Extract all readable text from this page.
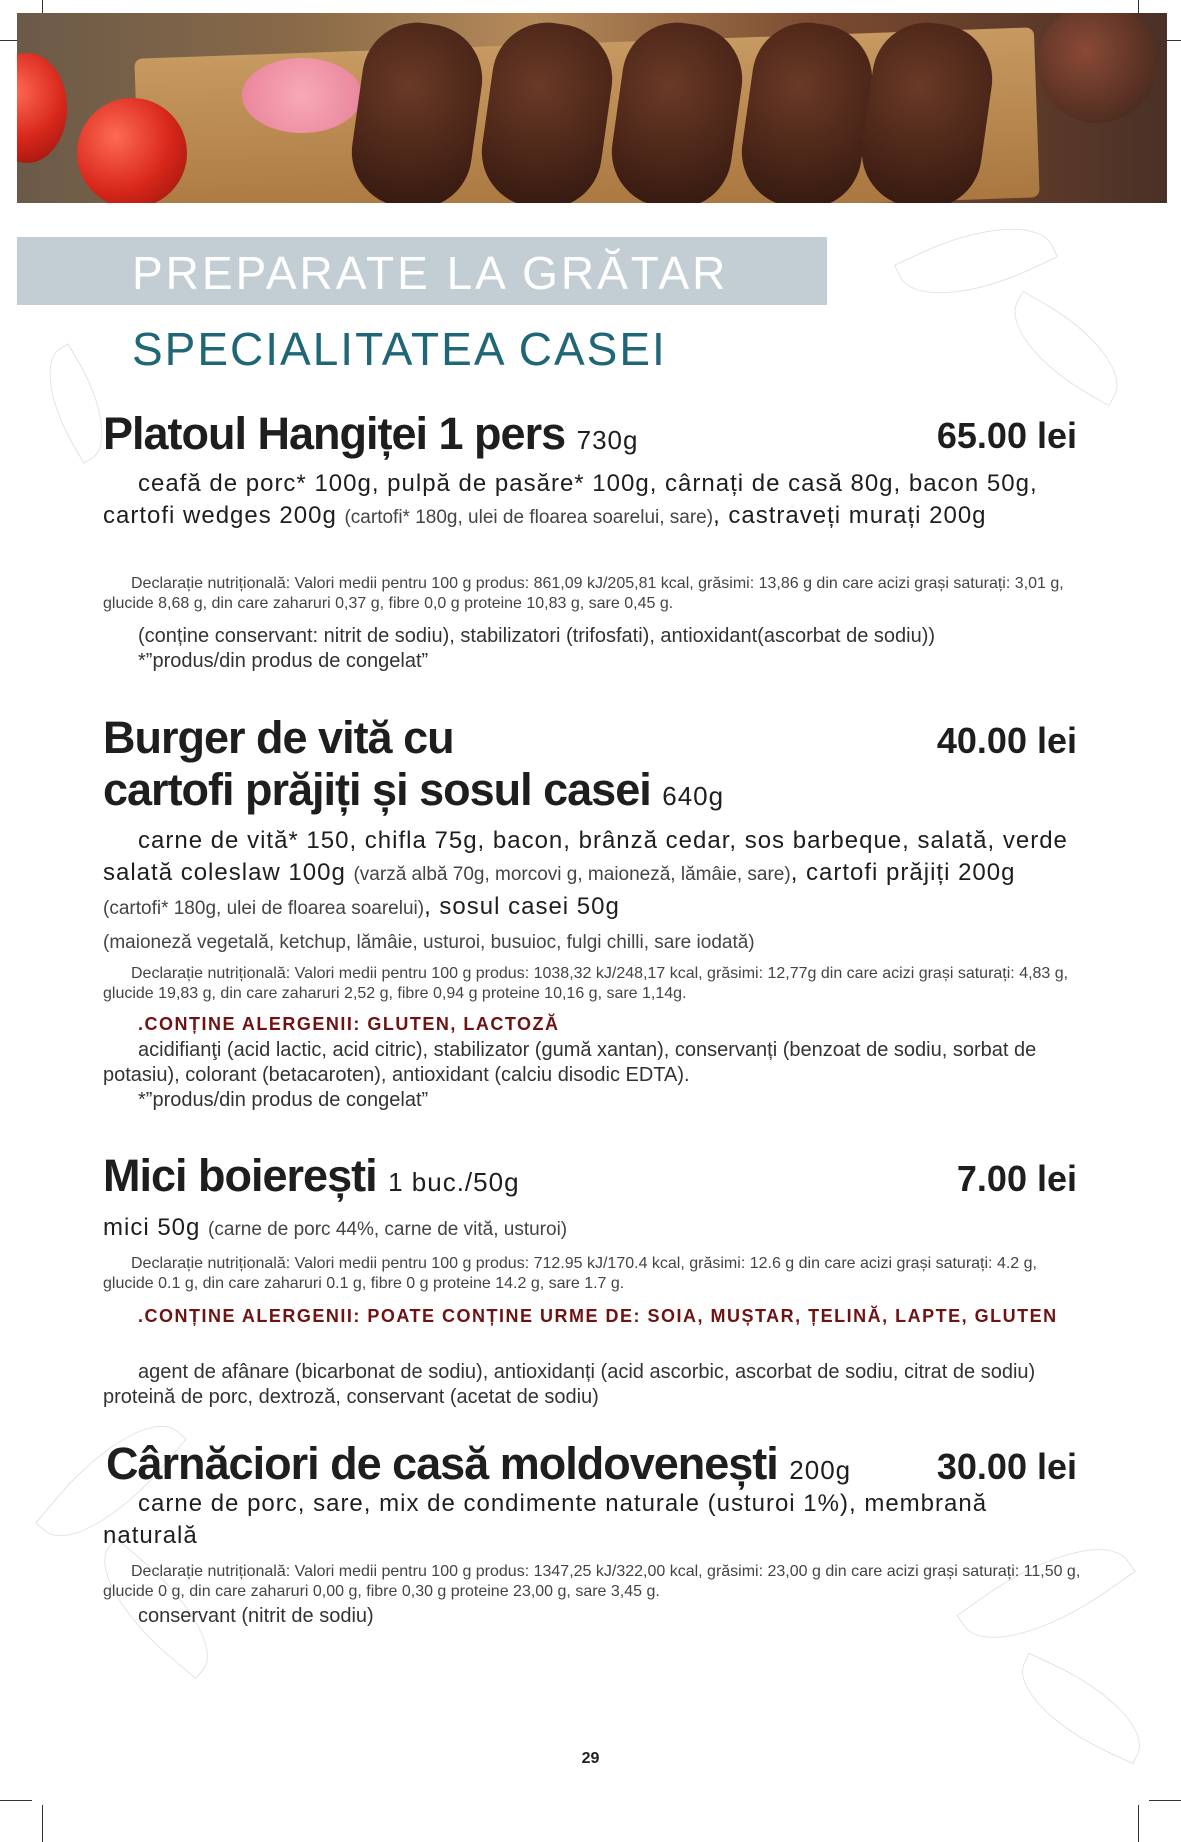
PREPARATE LA GRĂTAR
SPECIALITATEA CASEI
Platoul Hangiței 1 pers 730g	65.00 lei
ceafă de porc* 100g, pulpă de pasăre* 100g, cârnați de casă 80g, bacon 50g, cartofi wedges 200g (cartofi* 180g, ulei de floarea soarelui, sare), castraveți murați 200g
Declarație nutrițională: Valori medii pentru 100 g produs: 861,09 kJ/205,81 kcal, grăsimi: 13,86 g din care acizi grași saturați: 3,01 g, glucide 8,68 g, din care zaharuri 0,37 g, fibre 0,0 g proteine 10,83 g, sare 0,45 g.
(conține conservant: nitrit de sodiu), stabilizatori (trifosfati), antioxidant(ascorbat de sodiu))
*”produs/din produs de congelat”
Burger de vită cu
cartofi prăjiți și sosul casei 640g
40.00 lei
carne de vită* 150, chifla 75g, bacon, brânză cedar, sos barbeque, salată, verde salată coleslaw 100g (varză albă 70g, morcovi g, maioneză, lămâie, sare), cartofi prăjiți 200g (cartofi* 180g, ulei de floarea soarelui), sosul casei 50g
(maioneză vegetală, ketchup, lămâie, usturoi, busuioc, fulgi chilli, sare iodată)
Declarație nutrițională: Valori medii pentru 100 g produs: 1038,32 kJ/248,17 kcal, grăsimi: 12,77g din care acizi grași saturați: 4,83 g, glucide 19,83 g, din care zaharuri 2,52 g, fibre 0,94 g proteine 10,16 g, sare 1,14g.
.CONȚINE ALERGENII: GLUTEN, LACTOZĂ
acidifianţi (acid lactic, acid citric), stabilizator (gumă xantan), conservanți (benzoat de sodiu, sorbat de potasiu), colorant (betacaroten), antioxidant (calciu disodic EDTA).
*”produs/din produs de congelat”
Mici boierești 1 buc./50g	7.00 lei
mici 50g (carne de porc 44%, carne de vită, usturoi)
Declarație nutrițională: Valori medii pentru 100 g produs: 712.95 kJ/170.4 kcal, grăsimi: 12.6 g din care acizi grași saturați: 4.2 g, glucide 0.1 g, din care zaharuri 0.1 g, fibre 0 g proteine 14.2 g, sare 1.7 g.
.CONȚINE ALERGENII: POATE CONȚINE URME DE: SOIA, MUȘTAR, ȚELINĂ, LAPTE, GLUTEN
agent de afânare (bicarbonat de sodiu), antioxidanți (acid ascorbic, ascorbat de sodiu, citrat de sodiu) proteină de porc, dextroză, conservant (acetat de sodiu)
Cârnăciori de casă moldovenești 200g 30.00 lei
carne de porc, sare, mix de condimente naturale (usturoi 1%), membrană naturală
Declarație nutrițională: Valori medii pentru 100 g produs: 1347,25 kJ/322,00 kcal, grăsimi: 23,00 g din care acizi grași saturați: 11,50 g, glucide 0 g, din care zaharuri 0,00 g, fibre 0,30 g proteine 23,00 g, sare 3,45 g.
conservant (nitrit de sodiu)
29
